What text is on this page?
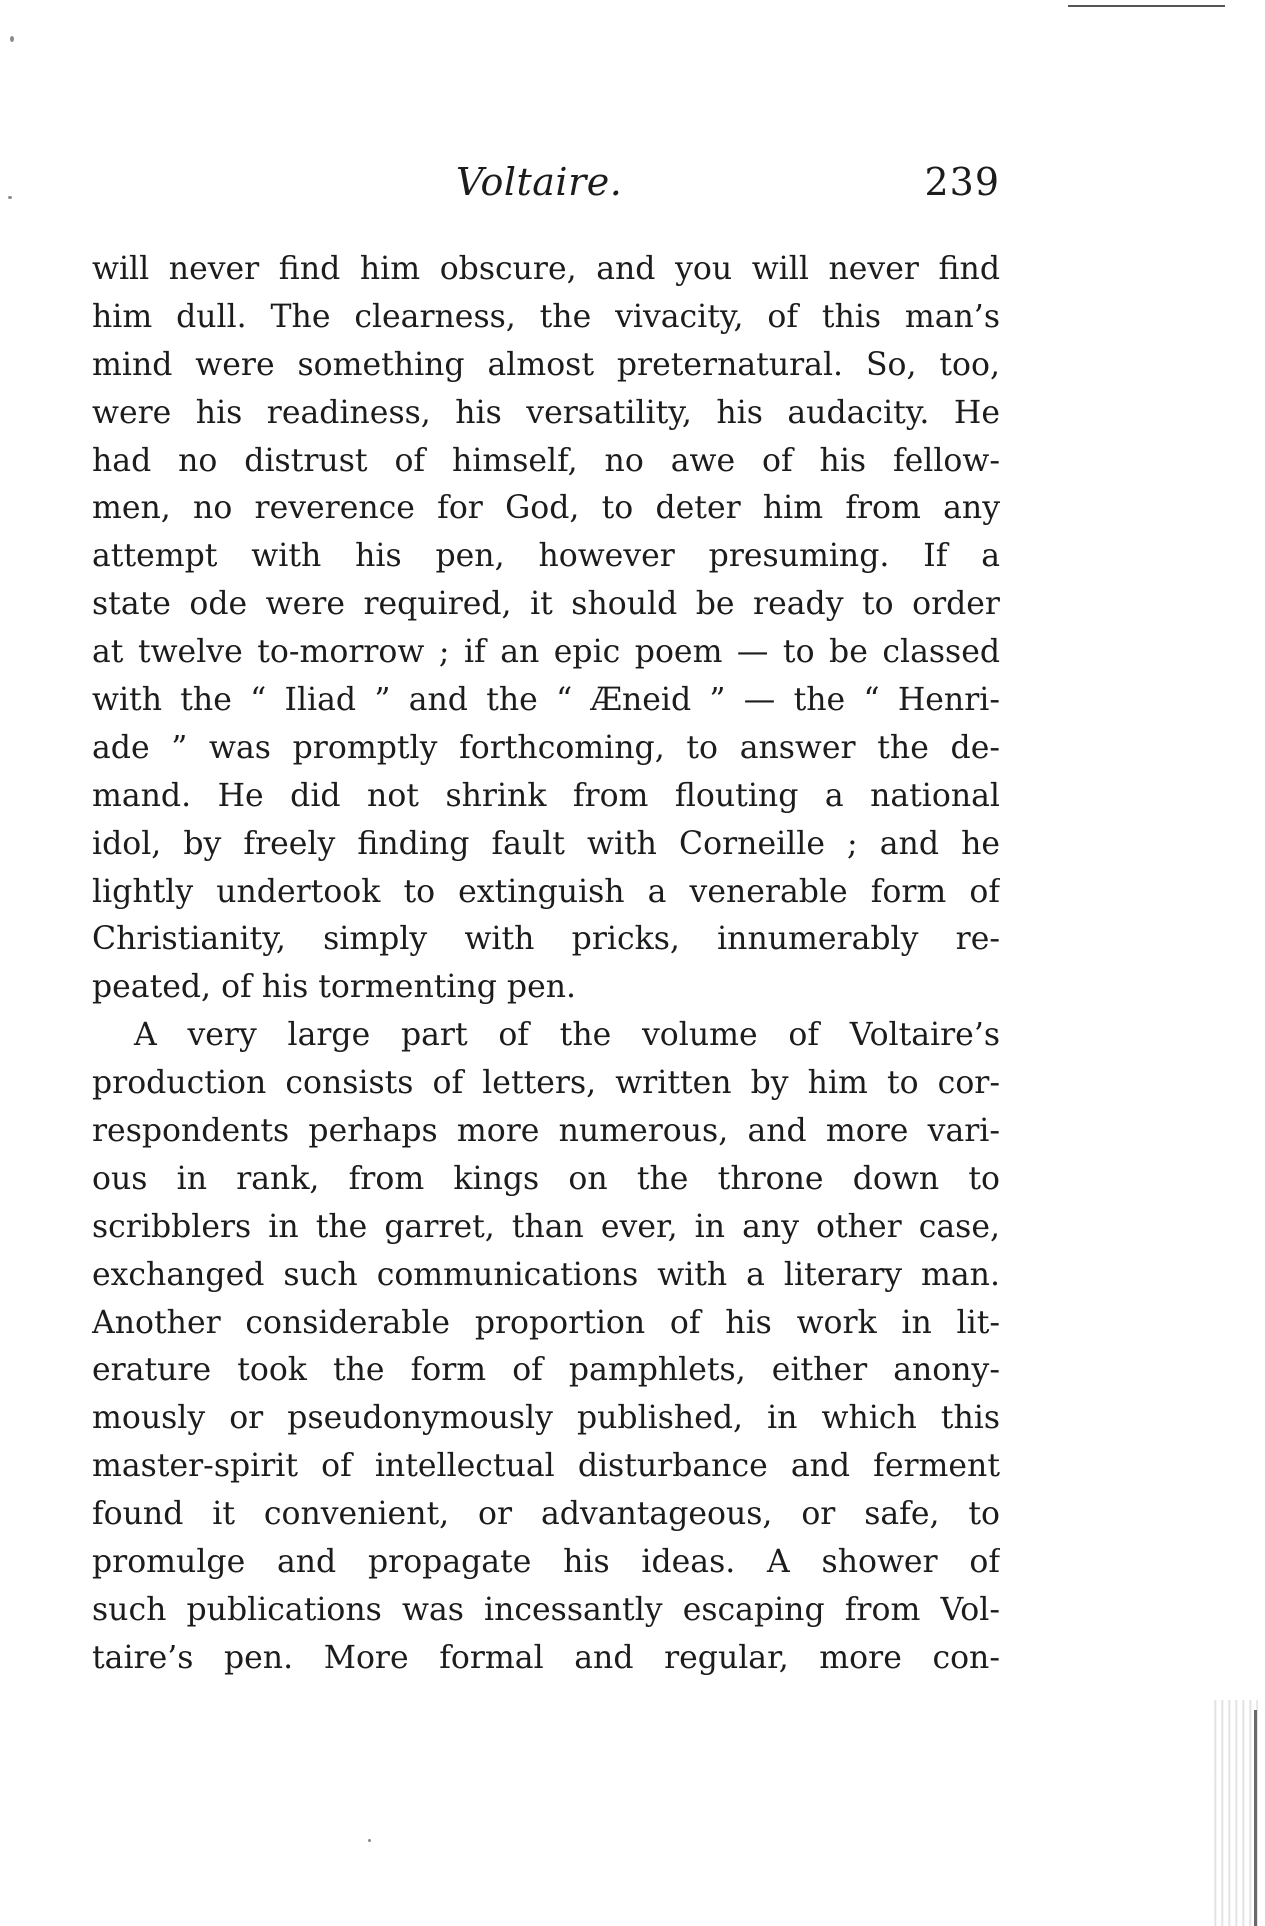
Voltaire.	239
will never find him obscure, and you will never find
him dull. The clearness, the vivacity, of this man’s
mind were something almost preternatural. So, too,
were his readiness, his versatility, his audacity. He
had no distrust of himself, no awe of his fellow-
men, no reverence for God, to deter him from any
attempt with his pen, however presuming. If a
state ode were required, it should be ready to order
at twelve to-morrow ; if an epic poem — to be classed
with the “ Iliad ” and the “ Æneid ” — the “ Henri-
ade ” was promptly forthcoming, to answer the de-
mand. He did not shrink from flouting a national
idol, by freely finding fault with Corneille ; and he
lightly undertook to extinguish a venerable form of
Christianity, simply with pricks, innumerably re-
peated, of his tormenting pen.
A very large part of the volume of Voltaire’s
production consists of letters, written by him to cor-
respondents perhaps more numerous, and more vari-
ous in rank, from kings on the throne down to
scribblers in the garret, than ever, in any other case,
exchanged such communications with a literary man.
Another considerable proportion of his work in lit-
erature took the form of pamphlets, either anony-
mously or pseudonymously published, in which this
master-spirit of intellectual disturbance and ferment
found it convenient, or advantageous, or safe, to
promulge and propagate his ideas. A shower of
such publications was incessantly escaping from Vol-
taire’s pen. More formal and regular, more con-
